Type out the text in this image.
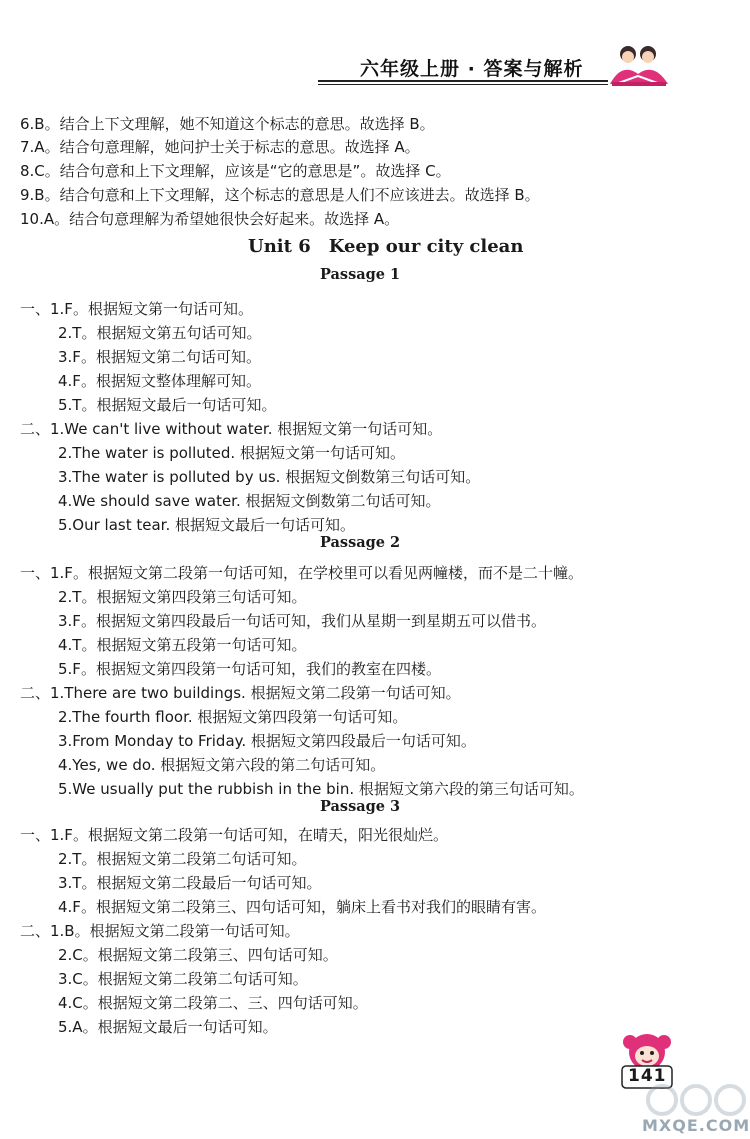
六年级上册 · 答案与解析
6.B。结合上下文理解，她不知道这个标志的意思。故选择 B。
7.A。结合句意理解，她问护士关于标志的意思。故选择 A。
8.C。结合句意和上下文理解，应该是“它的意思是”。故选择 C。
9.B。结合句意和上下文理解，这个标志的意思是人们不应该进去。故选择 B。
10.A。结合句意理解为希望她很快会好起来。故选择 A。
Unit 6　Keep our city clean
Passage 1
一、1.F。根据短文第一句话可知。
2.T。根据短文第五句话可知。
3.F。根据短文第二句话可知。
4.F。根据短文整体理解可知。
5.T。根据短文最后一句话可知。
二、1.We can't live without water. 根据短文第一句话可知。
2.The water is polluted. 根据短文第一句话可知。
3.The water is polluted by us. 根据短文倒数第三句话可知。
4.We should save water. 根据短文倒数第二句话可知。
5.Our last tear. 根据短文最后一句话可知。
Passage 2
一、1.F。根据短文第二段第一句话可知，在学校里可以看见两幢楼，而不是二十幢。
2.T。根据短文第四段第三句话可知。
3.F。根据短文第四段最后一句话可知，我们从星期一到星期五可以借书。
4.T。根据短文第五段第一句话可知。
5.F。根据短文第四段第一句话可知，我们的教室在四楼。
二、1.There are two buildings. 根据短文第二段第一句话可知。
2.The fourth floor. 根据短文第四段第一句话可知。
3.From Monday to Friday. 根据短文第四段最后一句话可知。
4.Yes, we do. 根据短文第六段的第二句话可知。
5.We usually put the rubbish in the bin. 根据短文第六段的第三句话可知。
Passage 3
一、1.F。根据短文第二段第一句话可知，在晴天，阳光很灿烂。
2.T。根据短文第二段第二句话可知。
3.T。根据短文第二段最后一句话可知。
4.F。根据短文第二段第三、四句话可知，躺床上看书对我们的眼睛有害。
二、1.B。根据短文第二段第一句话可知。
2.C。根据短文第二段第三、四句话可知。
3.C。根据短文第二段第二句话可知。
4.C。根据短文第二段第二、三、四句话可知。
5.A。根据短文最后一句话可知。
141
MXQE.COM
